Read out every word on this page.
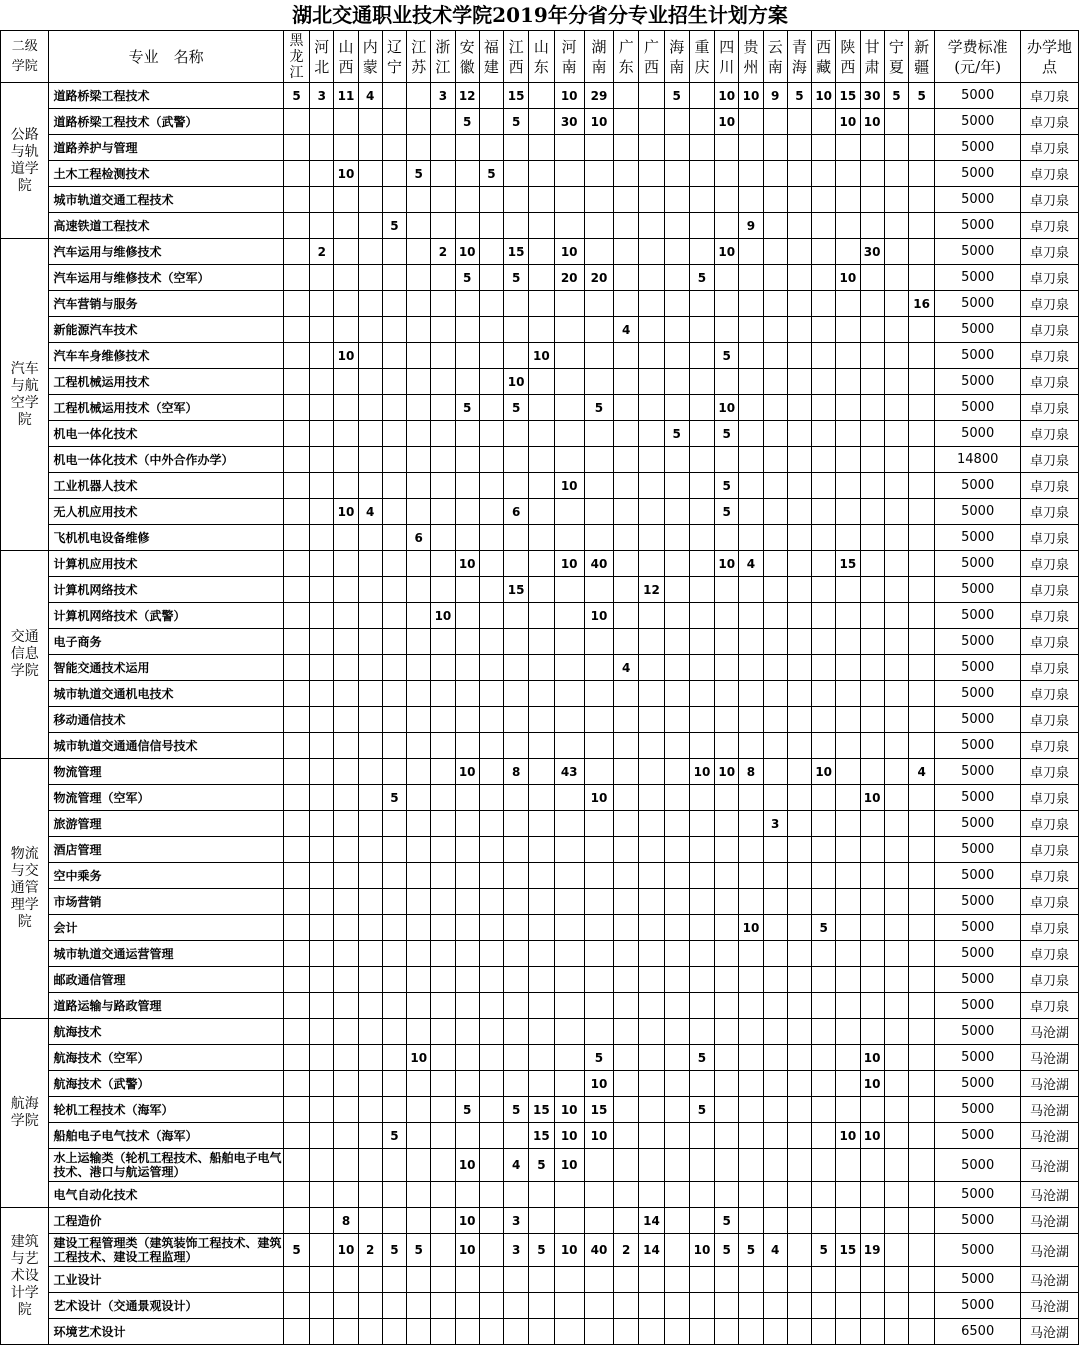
湖北交通职业技术学院2019年分省分专业招生计划方案
二级
学院	专业　名称	黑龙江	河北	山西	内蒙	辽宁	江苏	浙江	安徽	福建	江西	山东	河南	湖南	广东	广西	海南	重庆	四川	贵州	云南	青海	西藏	陕西	甘肃	宁夏	新疆	学费标准(元/年)	办学地点
公路与轨道学院	道路桥梁工程技术	5	3	11	4			3	12		15		10	29			5		10	10	9	5	10	15	30	5	5	5000	卓刀泉
	道路桥梁工程技术（武警）								5		5		30	10					10					10	10			5000	卓刀泉
	道路养护与管理																											5000	卓刀泉
	土木工程检测技术			10			5			5																		5000	卓刀泉
	城市轨道交通工程技术																											5000	卓刀泉
	高速铁道工程技术					5														9								5000	卓刀泉
汽车与航空学院	汽车运用与维修技术		2					2	10		15		10						10						30			5000	卓刀泉
	汽车运用与维修技术（空军）								5		5		20	20				5						10				5000	卓刀泉
	汽车营销与服务																										16	5000	卓刀泉
	新能源汽车技术														4													5000	卓刀泉
	汽车车身维修技术			10								10							5									5000	卓刀泉
	工程机械运用技术										10																	5000	卓刀泉
	工程机械运用技术（空军）								5		5			5					10									5000	卓刀泉
	机电一体化技术																5		5									5000	卓刀泉
	机电一体化技术（中外合作办学）																											14800	卓刀泉
	工业机器人技术												10						5									5000	卓刀泉
	无人机应用技术			10	4						6								5									5000	卓刀泉
	飞机机电设备维修						6																					5000	卓刀泉
交通信息学院	计算机应用技术								10				10	40					10	4				15				5000	卓刀泉
	计算机网络技术										15					12												5000	卓刀泉
	计算机网络技术（武警）							10						10														5000	卓刀泉
	电子商务																											5000	卓刀泉
	智能交通技术运用														4													5000	卓刀泉
	城市轨道交通机电技术																											5000	卓刀泉
	移动通信技术																											5000	卓刀泉
	城市轨道交通通信信号技术																											5000	卓刀泉
物流与交通管理学院	物流管理								10		8		43					10	10	8			10				4	5000	卓刀泉
	物流管理（空军）					5								10											10			5000	卓刀泉
	旅游管理																				3							5000	卓刀泉
	酒店管理																											5000	卓刀泉
	空中乘务																											5000	卓刀泉
	市场营销																											5000	卓刀泉
	会计																			10			5					5000	卓刀泉
	城市轨道交通运营管理																											5000	卓刀泉
	邮政通信管理																											5000	卓刀泉
	道路运输与路政管理																											5000	卓刀泉
航海学院	航海技术																											5000	马沧湖
	航海技术（空军）						10							5				5							10			5000	马沧湖
	航海技术（武警）													10											10			5000	马沧湖
	轮机工程技术（海军）								5		5	15	10	15				5										5000	马沧湖
	船舶电子电气技术（海军）					5						15	10	10										10	10			5000	马沧湖
	水上运输类（轮机工程技术、船舶电子电气技术、港口与航运管理）								10		4	5	10															5000	马沧湖
	电气自动化技术																											5000	马沧湖
建筑与艺术设计学院	工程造价			8					10		3					14			5									5000	马沧湖
	建设工程管理类（建筑装饰工程技术、建筑工程技术、建设工程监理）	5		10	2	5	5		10		3	5	10	40	2	14		10	5	5	4		5	15	19			5000	马沧湖
	工业设计																											5000	马沧湖
	艺术设计（交通景观设计）																											5000	马沧湖
	环境艺术设计																											6500	马沧湖
